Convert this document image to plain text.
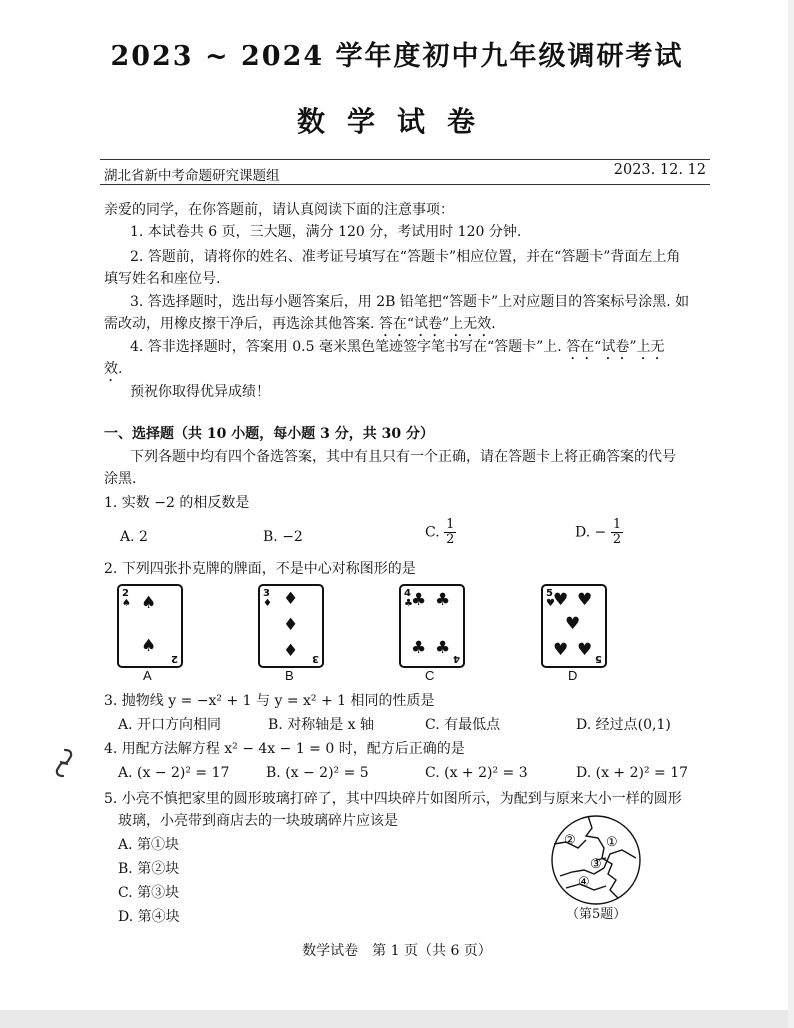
2023 ~ 2024 学年度初中九年级调研考试
数学试卷
湖北省新中考命题研究课题组	2023. 12. 12
亲爱的同学，在你答题前，请认真阅读下面的注意事项：
1. 本试卷共 6 页，三大题，满分 120 分，考试用时 120 分钟.
2. 答题前，请将你的姓名、准考证号填写在“答题卡”相应位置，并在“答题卡”背面左上角
填写姓名和座位号.
3. 答选择题时，选出每小题答案后，用 2B 铅笔把“答题卡”上对应题目的答案标号涂黑. 如
需改动，用橡皮擦干净后，再选涂其他答案. 答在“试卷”上无效.
4. 答非选择题时，答案用 0.5 毫米黑色笔迹签字笔书写在“答题卡”上. 答在“试卷”上无
效.
预祝你取得优异成绩！
一、选择题（共 10 小题，每小题 3 分，共 30 分）
下列各题中均有四个备选答案，其中有且只有一个正确，请在答题卡上将正确答案的代号
涂黑.
1. 实数 −2 的相反数是
A. 2	B. −2	C. $\frac{1}{2}$	D. − $\frac{1}{2}$
2. 下列四张扑克牌的牌面，不是中心对称图形的是
2
♠ ♠
♠
2
A
3
♦ ♦
♦
♦ 3
B
4
♣
♣ ♣
♣ ♣
4
C
5
♥
♥ ♥
♥
♥ ♥ 5
D
3. 抛物线 y = −x² + 1 与 y = x² + 1 相同的性质是
A. 开口方向相同	B. 对称轴是 x 轴	C. 有最低点	D. 经过点(0,1)
4. 用配方法解方程 x² − 4x − 1 = 0 时，配方后正确的是
A. (x − 2)² = 17	B. (x − 2)² = 5	C. (x + 2)² = 3	D. (x + 2)² = 17
5. 小亮不慎把家里的圆形玻璃打碎了，其中四块碎片如图所示，为配到与原来大小一样的圆形
玻璃，小亮带到商店去的一块玻璃碎片应该是
A. 第①块
B. 第②块
C. 第③块
D. 第④块
② ①
③
④
（第5题）
数学试卷　第 1 页（共 6 页）
